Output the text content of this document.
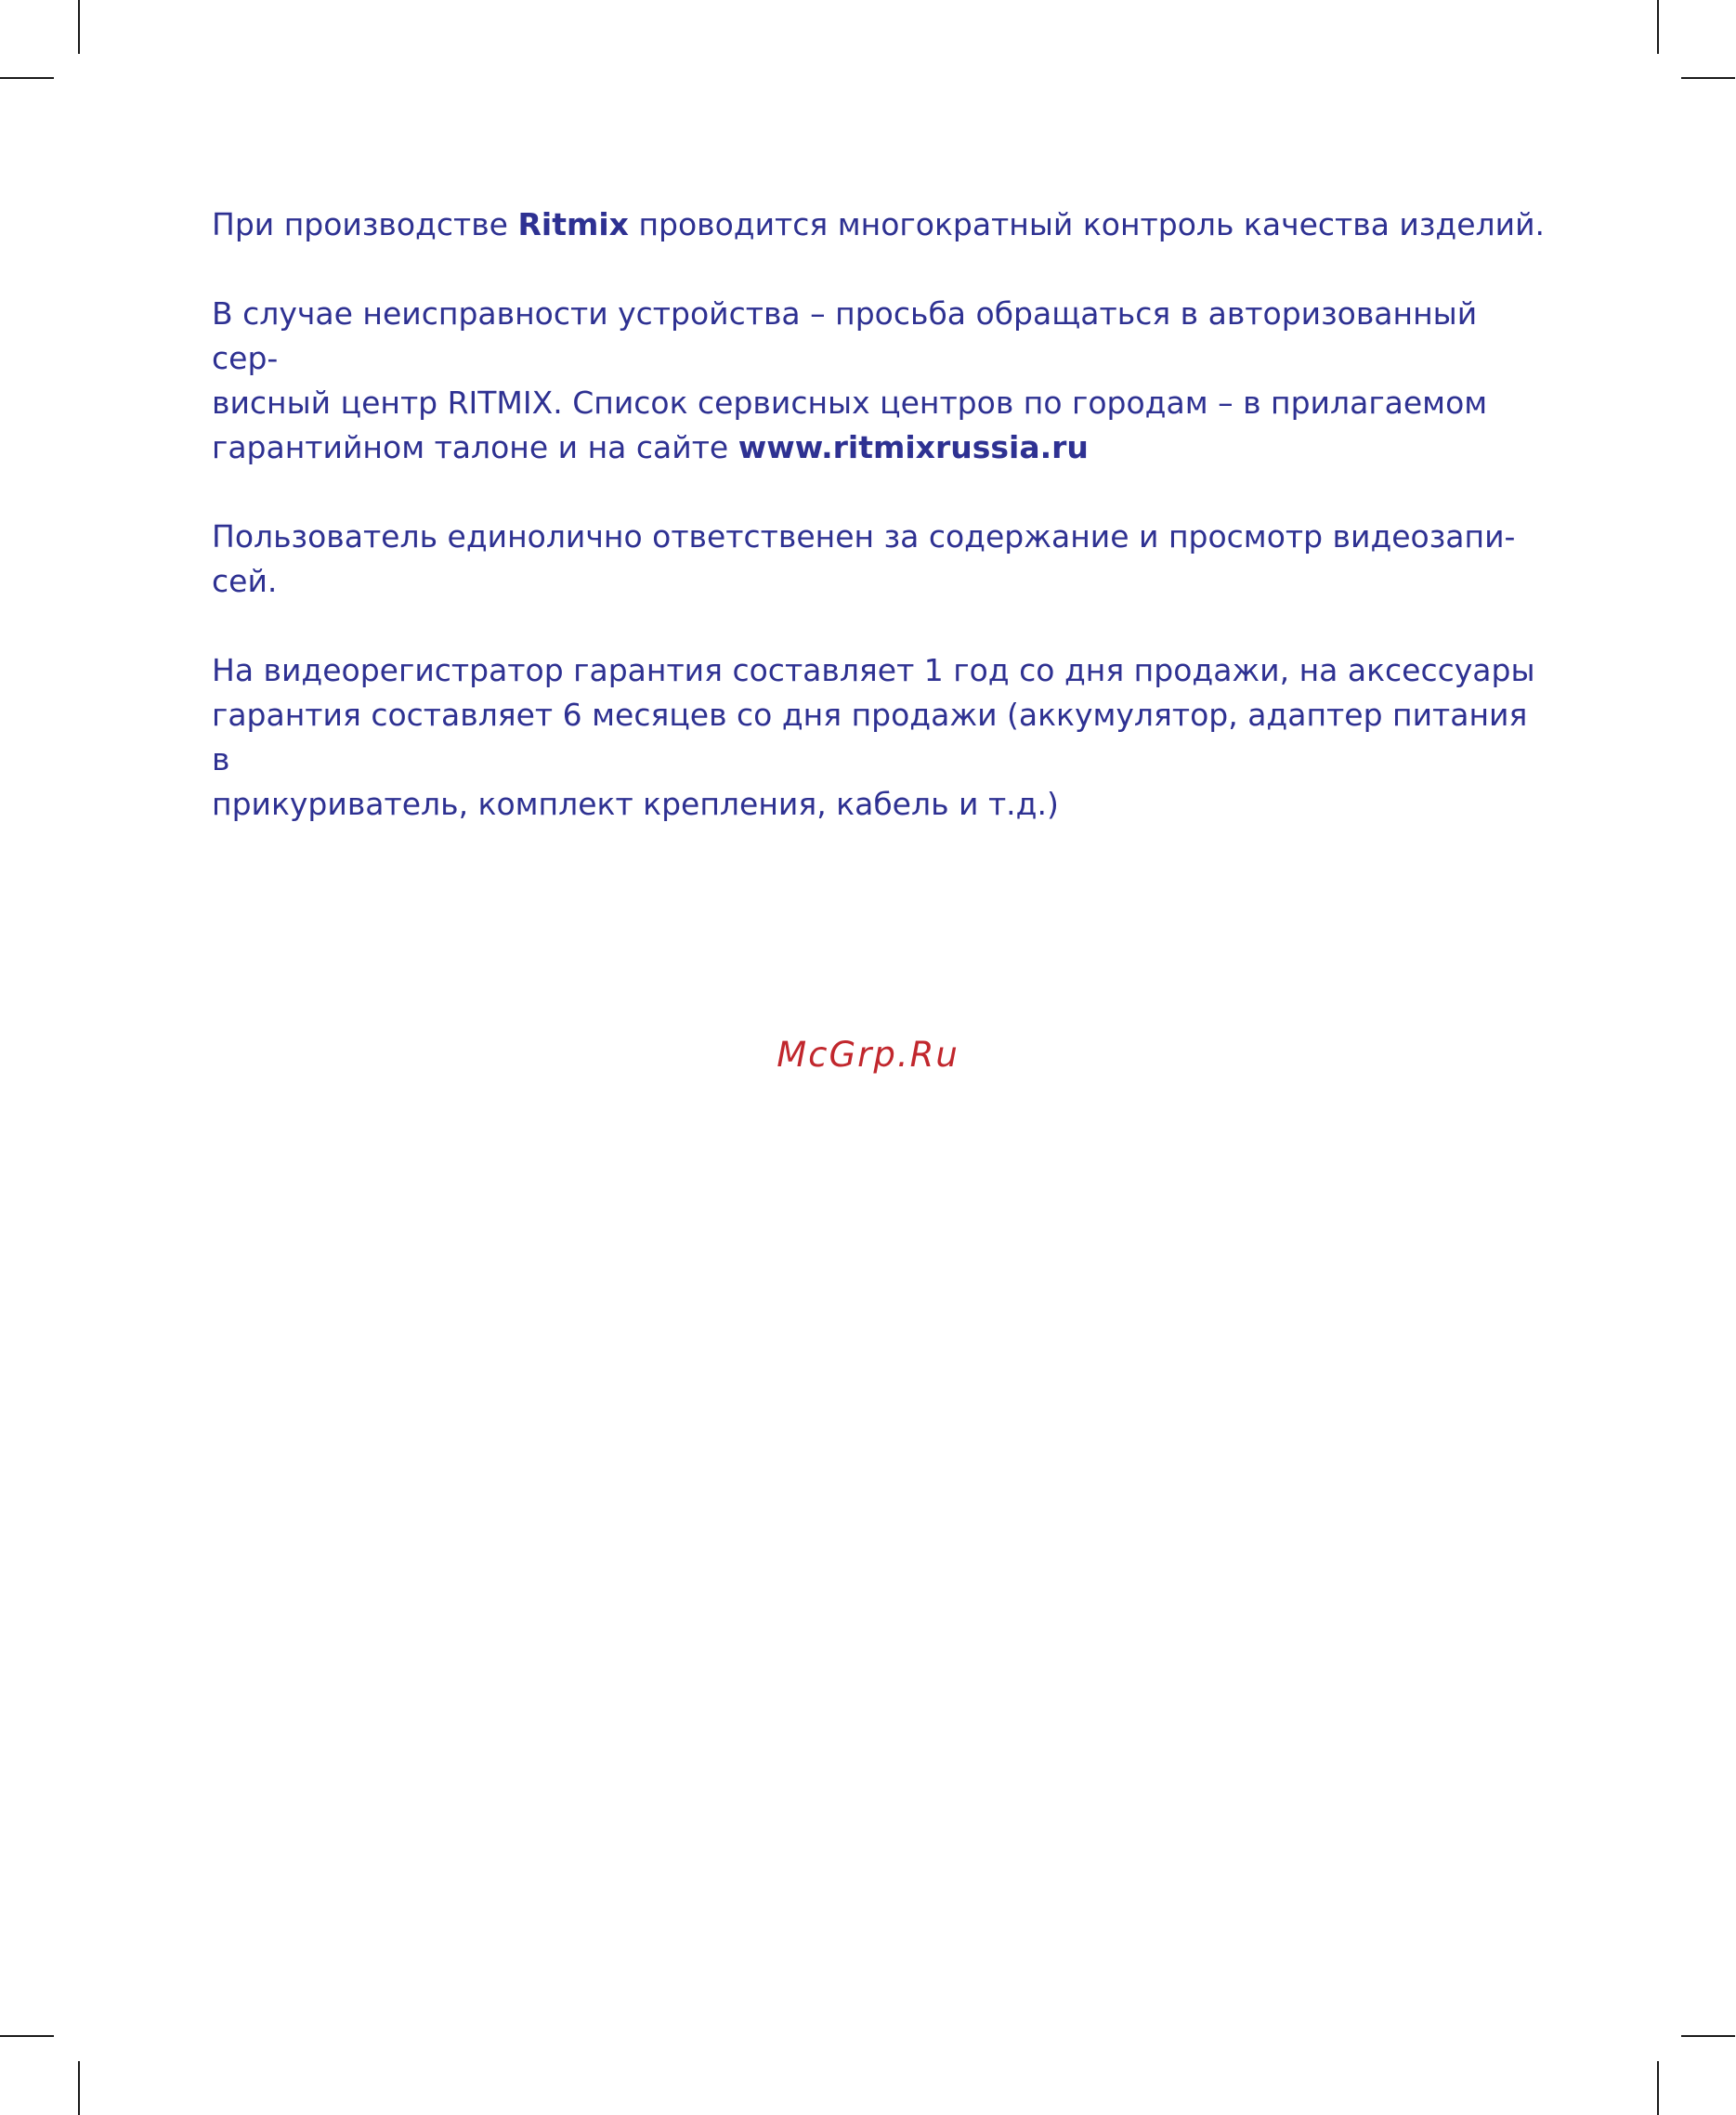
При производстве Ritmix проводится многократный контроль качества изделий.
В случае неисправности устройства – просьба обращаться в авторизованный сер-
висный центр RITMIX. Список сервисных центров по городам – в прилагаемом
гарантийном талоне и на сайте www.ritmixrussia.ru
Пользователь единолично ответственен за содержание и просмотр видеозапи-
сей.
На видеорегистратор гарантия составляет 1 год со дня продажи, на аксессуары
гарантия составляет 6 месяцев со дня продажи (аккумулятор, адаптер питания в
прикуриватель, комплект крепления, кабель и т.д.)
McGrp.Ru
